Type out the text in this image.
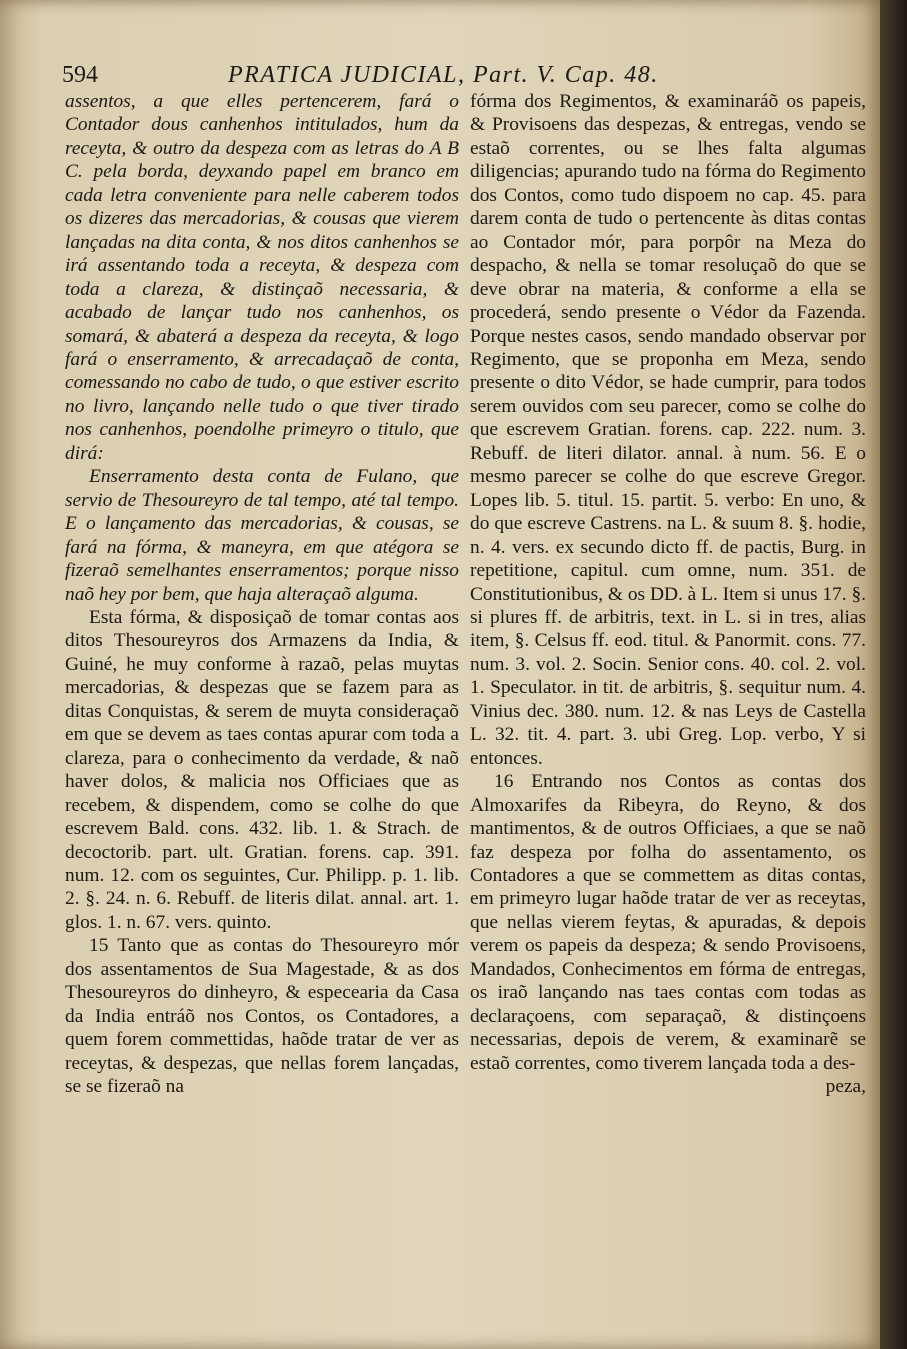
594	PRATICA JUDICIAL, Part. V. Cap. 48.

assentos, a que elles pertencerem, fará o Contador dous canhenhos intitulados, hum da receyta, & outro da despeza com as letras do A B C. pela borda, deyxando papel em branco em cada letra conveniente para nelle caberem todos os dizeres das mercadorias, & cousas que vierem lançadas na dita conta, & nos ditos canhenhos se irá assentando toda a receyta, & despeza com toda a clareza, & distinçaõ necessaria, & acabado de lançar tudo nos canhenhos, os somará, & abaterá a despeza da receyta, & logo fará o enserramento, & arrecadaçaõ de conta, comessando no cabo de tudo, o que estiver escrito no livro, lançando nelle tudo o que tiver tirado nos canhenhos, poendolhe primeyro o titulo, que dirá:

Enserramento desta conta de Fulano, que servio de Thesoureyro de tal tempo, até tal tempo. E o lançamento das mercadorias, & cousas, se fará na fórma, & maneyra, em que atégora se fizeraõ semelhantes enserramentos; porque nisso naõ hey por bem, que haja alteraçaõ alguma.

Esta fórma, & disposiçaõ de tomar contas aos ditos Thesoureyros dos Armazens da India, & Guiné, he muy conforme à razaõ, pelas muytas mercadorias, & despezas que se fazem para as ditas Conquistas, & serem de muyta consideraçaõ em que se devem as taes contas apurar com toda a clareza, para o conhecimento da verdade, & naõ haver dolos, & malicia nos Officiaes que as recebem, & dispendem, como se colhe do que escrevem Bald. cons. 432. lib. 1. & Strach. de decoctorib. part. ult. Gratian. forens. cap. 391. num. 12. com os seguintes, Cur. Philipp. p. 1. lib. 2. §. 24. n. 6. Rebuff. de literis dilat. annal. art. 1. glos. 1. n. 67. vers. quinto.

15 Tanto que as contas do Thesoureyro mór dos assentamentos de Sua Magestade, & as dos Thesoureyros do dinheyro, & especearia da Casa da India entráõ nos Contos, os Contadores, a quem forem commettidas, haõde tratar de ver as receytas, & despezas, que nellas forem lançadas, se se fizeraõ na

fórma dos Regimentos, & examinaráõ os papeis, & Provisoens das despezas, & entregas, vendo se estaõ correntes, ou se lhes falta algumas diligencias; apurando tudo na fórma do Regimento dos Contos, como tudo dispoem no cap. 45. para darem conta de tudo o pertencente às ditas contas ao Contador mór, para porpôr na Meza do despacho, & nella se tomar resoluçaõ do que se deve obrar na materia, & conforme a ella se procederá, sendo presente o Védor da Fazenda. Porque nestes casos, sendo mandado observar por Regimento, que se proponha em Meza, sendo presente o dito Védor, se hade cumprir, para todos serem ouvidos com seu parecer, como se colhe do que escrevem Gratian. forens. cap. 222. num. 3. Rebuff. de literi dilator. annal. à num. 56. E o mesmo parecer se colhe do que escreve Gregor. Lopes lib. 5. titul. 15. partit. 5. verbo: En uno, & do que escreve Castrens. na L. & suum 8. §. hodie, n. 4. vers. ex secundo dicto ff. de pactis, Burg. in repetitione, capitul. cum omne, num. 351. de Constitutionibus, & os DD. à L. Item si unus 17. §. si plures ff. de arbitris, text. in L. si in tres, alias item, §. Celsus ff. eod. titul. & Panormit. cons. 77. num. 3. vol. 2. Socin. Senior cons. 40. col. 2. vol. 1. Speculator. in tit. de arbitris, §. sequitur num. 4. Vinius dec. 380. num. 12. & nas Leys de Castella L. 32. tit. 4. part. 3. ubi Greg. Lop. verbo, Y si entonces.

16 Entrando nos Contos as contas dos Almoxarifes da Ribeyra, do Reyno, & dos mantimentos, & de outros Officiaes, a que se naõ faz despeza por folha do assentamento, os Contadores a que se commettem as ditas contas, em primeyro lugar haõde tratar de ver as receytas, que nellas vierem feytas, & apuradas, & depois verem os papeis da despeza; & sendo Provisoens, Mandados, Conhecimentos em fórma de entregas, os iraõ lançando nas taes contas com todas as declaraçoens, com separaçaõ, & distinçoens necessarias, depois de verem, & examinarẽ se estaõ correntes, como tiverem lançada toda a des-

peza,
